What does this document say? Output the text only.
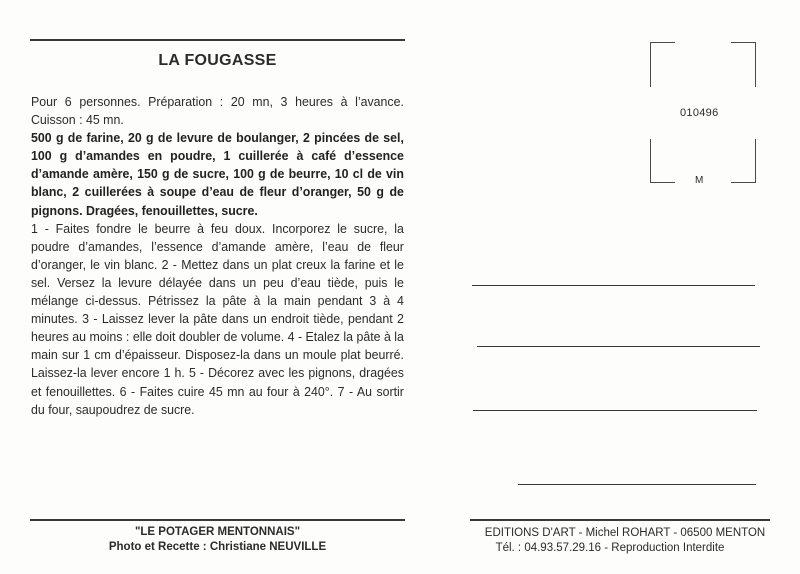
LA FOUGASSE

Pour 6 personnes. Préparation : 20 mn, 3 heures à l’avance. Cuisson : 45 mn.

500 g de farine, 20 g de levure de boulanger, 2 pincées de sel, 100 g d’amandes en poudre, 1 cuillerée à café d’essence d’amande amère, 150 g de sucre, 100 g de beurre, 10 cl de vin blanc, 2 cuillerées à soupe d’eau de fleur d’oranger, 50 g de pignons. Dragées, fenouillettes, sucre.

1 - Faites fondre le beurre à feu doux. Incorporez le sucre, la poudre d’amandes, l’essence d’amande amère, l’eau de fleur d’oranger, le vin blanc. 2 - Mettez dans un plat creux la farine et le sel. Versez la levure délayée dans un peu d’eau tiède, puis le mélange ci-dessus. Pétrissez la pâte à la main pendant 3 à 4 minutes. 3 - Laissez lever la pâte dans un endroit tiède, pendant 2 heures au moins : elle doit doubler de volume. 4 - Etalez la pâte à la main sur 1 cm d’épaisseur. Disposez-la dans un moule plat beurré. Laissez-la lever encore 1 h. 5 - Décorez avec les pignons, dragées et fenouillettes. 6 - Faites cuire 45 mn au four à 240°. 7 - Au sortir du four, saupoudrez de sucre.

"LE POTAGER MENTONNAIS"
Photo et Recette : Christiane NEUVILLE
EDITIONS D'ART - Michel ROHART - 06500 MENTON
Tél. : 04.93.57.29.16 - Reproduction Interdite
010496
M
